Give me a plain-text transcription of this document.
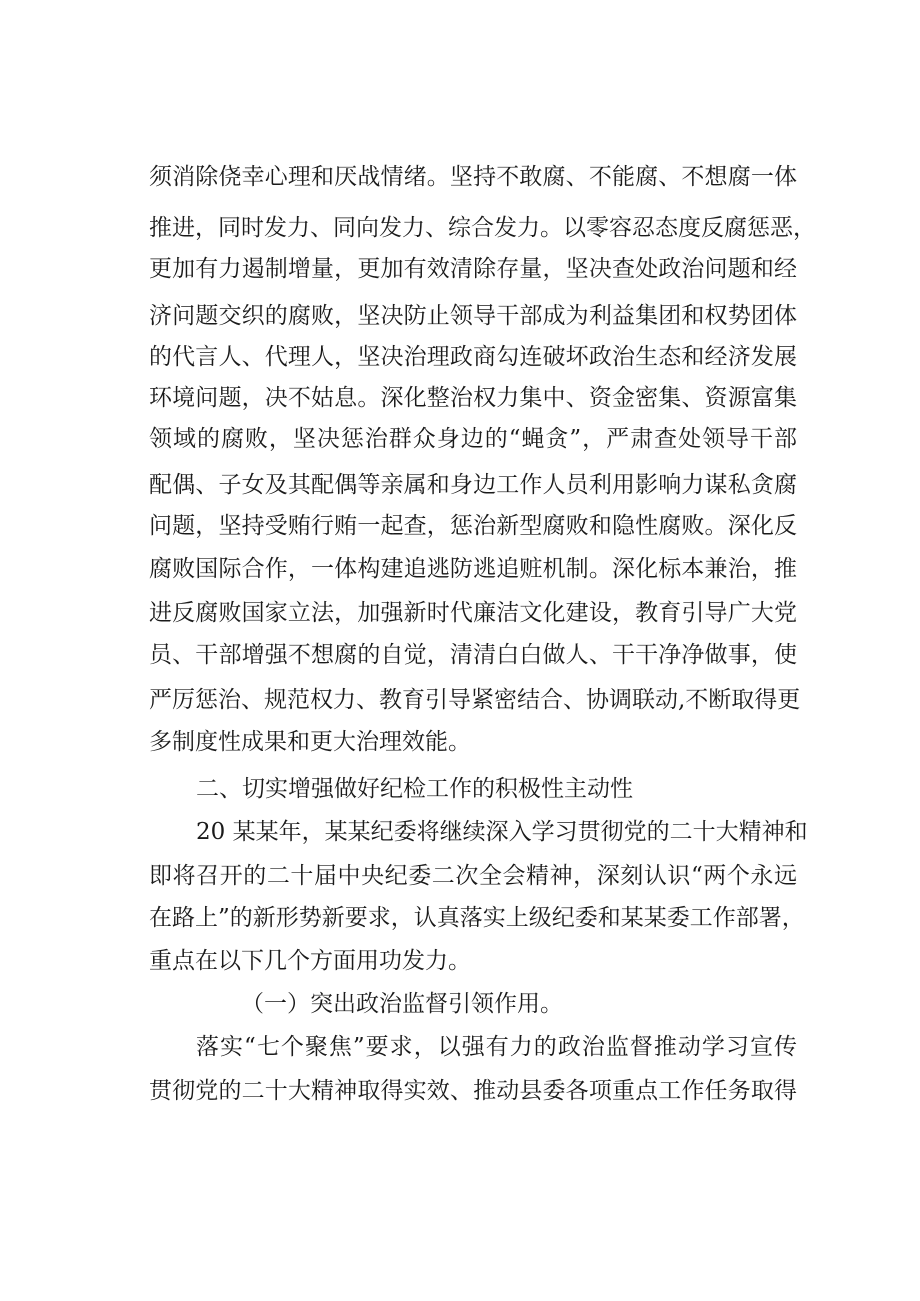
须消除侥幸心理和厌战情绪。坚持不敢腐、不能腐、不想腐一体
推进，同时发力、同向发力、综合发力。以零容忍态度反腐惩恶，
更加有力遏制增量，更加有效清除存量，坚决查处政治问题和经
济问题交织的腐败，坚决防止领导干部成为利益集团和权势团体
的代言人、代理人，坚决治理政商勾连破坏政治生态和经济发展
环境问题，决不姑息。深化整治权力集中、资金密集、资源富集
领域的腐败，坚决惩治群众身边的“蝇贪”，严肃查处领导干部
配偶、子女及其配偶等亲属和身边工作人员利用影响力谋私贪腐
问题，坚持受贿行贿一起查，惩治新型腐败和隐性腐败。深化反
腐败国际合作，一体构建追逃防逃追赃机制。深化标本兼治，推
进反腐败国家立法，加强新时代廉洁文化建设，教育引导广大党
员、干部增强不想腐的自觉，清清白白做人、干干净净做事，使
严厉惩治、规范权力、教育引导紧密结合、协调联动,不断取得更
多制度性成果和更大治理效能。
二、切实增强做好纪检工作的积极性主动性
20 某某年，某某纪委将继续深入学习贯彻党的二十大精神和
即将召开的二十届中央纪委二次全会精神，深刻认识“两个永远
在路上”的新形势新要求，认真落实上级纪委和某某委工作部署，
重点在以下几个方面用功发力。
（一）突出政治监督引领作用。
落实“七个聚焦”要求，以强有力的政治监督推动学习宣传
贯彻党的二十大精神取得实效、推动县委各项重点工作任务取得
